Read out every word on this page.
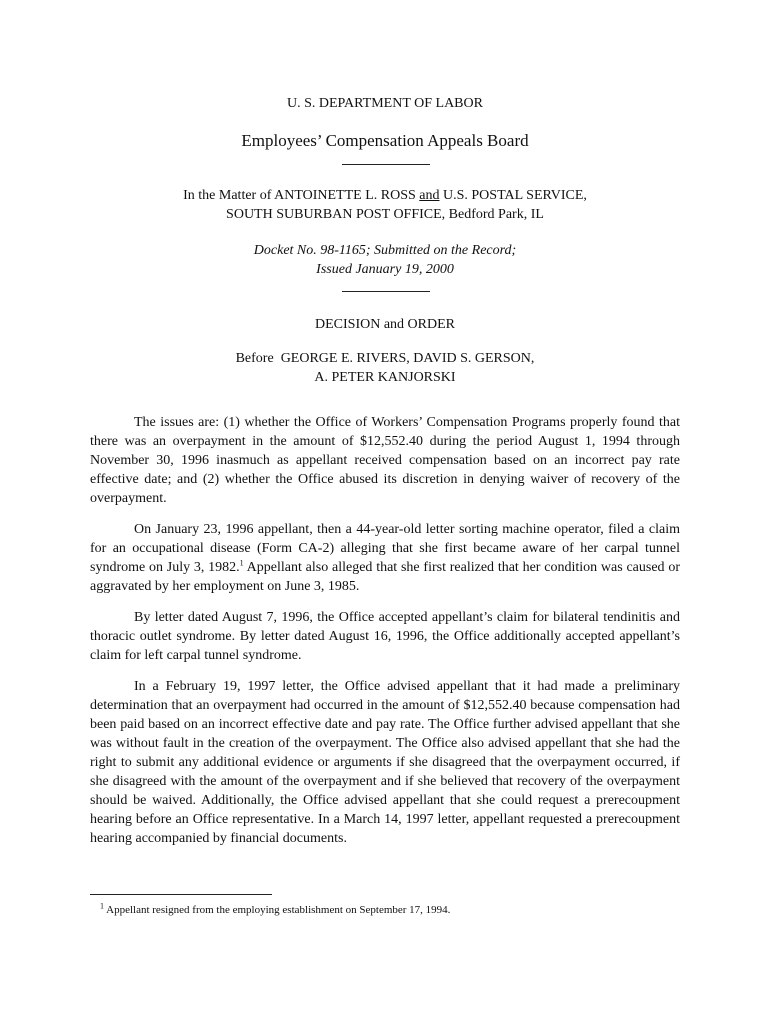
U. S. DEPARTMENT OF LABOR
Employees’ Compensation Appeals Board
In the Matter of ANTOINETTE L. ROSS and U.S. POSTAL SERVICE,
SOUTH SUBURBAN POST OFFICE, Bedford Park, IL
Docket No. 98-1165; Submitted on the Record;
Issued January 19, 2000
DECISION and ORDER
Before  GEORGE E. RIVERS, DAVID S. GERSON,
A. PETER KANJORSKI

The issues are: (1) whether the Office of Workers’ Compensation Programs properly found that there was an overpayment in the amount of $12,552.40 during the period August 1, 1994 through November 30, 1996 inasmuch as appellant received compensation based on an incorrect pay rate effective date; and (2) whether the Office abused its discretion in denying waiver of recovery of the overpayment.

On January 23, 1996 appellant, then a 44-year-old letter sorting machine operator, filed a claim for an occupational disease (Form CA-2) alleging that she first became aware of her carpal tunnel syndrome on July 3, 1982.$^1$ Appellant also alleged that she first realized that her condition was caused or aggravated by her employment on June 3, 1985.

By letter dated August 7, 1996, the Office accepted appellant’s claim for bilateral tendinitis and thoracic outlet syndrome. By letter dated August 16, 1996, the Office additionally accepted appellant’s claim for left carpal tunnel syndrome.

In a February 19, 1997 letter, the Office advised appellant that it had made a preliminary determination that an overpayment had occurred in the amount of $12,552.40 because compensation had been paid based on an incorrect effective date and pay rate. The Office further advised appellant that she was without fault in the creation of the overpayment. The Office also advised appellant that she had the right to submit any additional evidence or arguments if she disagreed that the overpayment occurred, if she disagreed with the amount of the overpayment and if she believed that recovery of the overpayment should be waived. Additionally, the Office advised appellant that she could request a prerecoupment hearing before an Office representative. In a March 14, 1997 letter, appellant requested a prerecoupment hearing accompanied by financial documents.

$^1$ Appellant resigned from the employing establishment on September 17, 1994.
